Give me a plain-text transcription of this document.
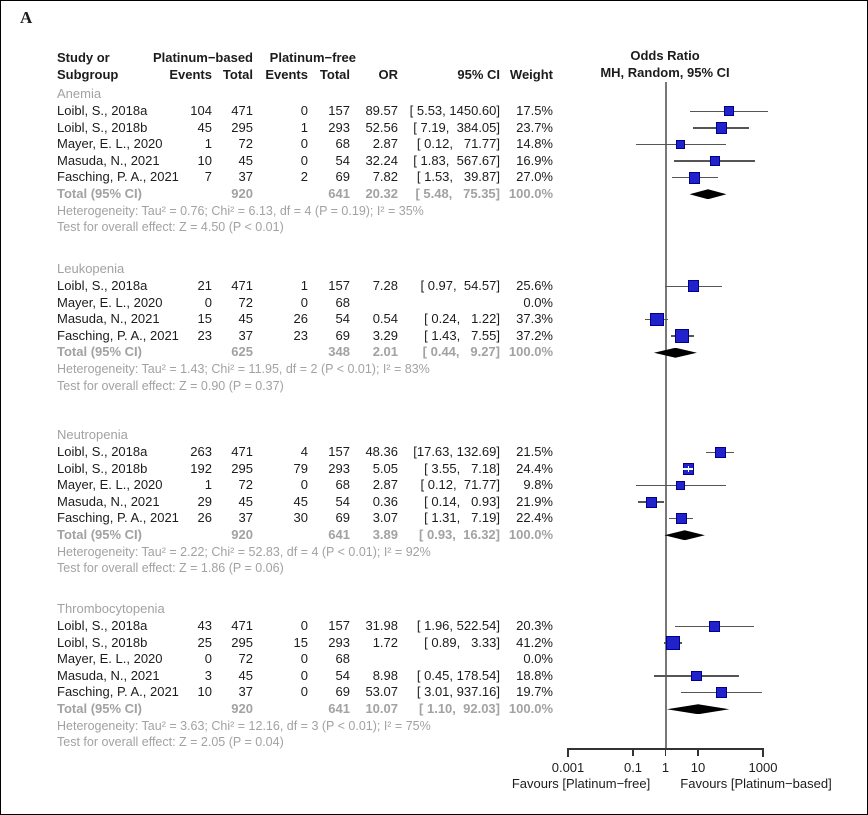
A
Study or
Subgroup
Platinum−based Platinum−free
Events Total Events Total OR	95% CI Weight
Odds Ratio
MH, Random, 95% CI
Anemia
Loibl, S., 2018a	104 471	0 157 89.57 [ 5.53, 1450.60] 17.5%
Loibl, S., 2018b	45 295	1 293 52.56 [ 7.19,  384.05] 23.7%
Mayer, E. L., 2020	1 72	0 68 2.87 [ 0.12,   71.77] 14.8%
Masuda, N., 2021	10 45	0 54 32.24 [ 1.83,  567.67] 16.9%
Fasching, P. A., 2021 7 37	2 69 7.82 [ 1.53,   39.87] 27.0%
Total (95% CI)	920	641 20.32 [ 5.48,   75.35] 100.0%
Heterogeneity: Tau² = 0.76; Chi² = 6.13, df = 4 (P = 0.19); I² = 35%
Test for overall effect: Z = 4.50 (P < 0.01)
Leukopenia
Loibl, S., 2018a	21 471	1 157 7.28 [ 0.97,  54.57] 25.6%
Mayer, E. L., 2020	0 72	0 68	0.0%
Masuda, N., 2021	15 45	26 54 0.54 [ 0.24,   1.22] 37.3%
Fasching, P. A., 2021 23 37	23 69 3.29 [ 1.43,   7.55] 37.2%
Total (95% CI)	625	348 2.01 [ 0.44,   9.27] 100.0%
Heterogeneity: Tau² = 1.43; Chi² = 11.95, df = 2 (P < 0.01); I² = 83%
Test for overall effect: Z = 0.90 (P = 0.37)
Neutropenia
Loibl, S., 2018a	263 471	4 157 48.36 [17.63, 132.69] 21.5%
Loibl, S., 2018b	192 295	79 293 5.05 [ 3.55,   7.18] 24.4%
Mayer, E. L., 2020	1 72	0 68 2.87 [ 0.12,  71.77] 9.8%
Masuda, N., 2021	29 45	45 54 0.36 [ 0.14,   0.93] 21.9%
Fasching, P. A., 2021 26 37	30 69 3.07 [ 1.31,   7.19] 22.4%
Total (95% CI)	920	641 3.89 [ 0.93,  16.32] 100.0%
Heterogeneity: Tau² = 2.22; Chi² = 52.83, df = 4 (P < 0.01); I² = 92%
Test for overall effect: Z = 1.86 (P = 0.06)
Thrombocytopenia
Loibl, S., 2018a	43 471	0 157 31.98 [ 1.96, 522.54] 20.3%
Loibl, S., 2018b	25 295	15 293 1.72 [ 0.89,   3.33] 41.2%
Mayer, E. L., 2020	0 72	0 68	0.0%
Masuda, N., 2021	3 45	0 54 8.98 [ 0.45, 178.54] 18.8%
Fasching, P. A., 2021 10 37	0 69 53.07 [ 3.01, 937.16] 19.7%
Total (95% CI)	920	641 10.07 [ 1.10,  92.03] 100.0%
Heterogeneity: Tau² = 3.63; Chi² = 12.16, df = 3 (P < 0.01); I² = 75%
Test for overall effect: Z = 2.05 (P = 0.04)
0.001	0.1 1 10	1000
Favours [Platinum−free]	Favours [Platinum−based]
